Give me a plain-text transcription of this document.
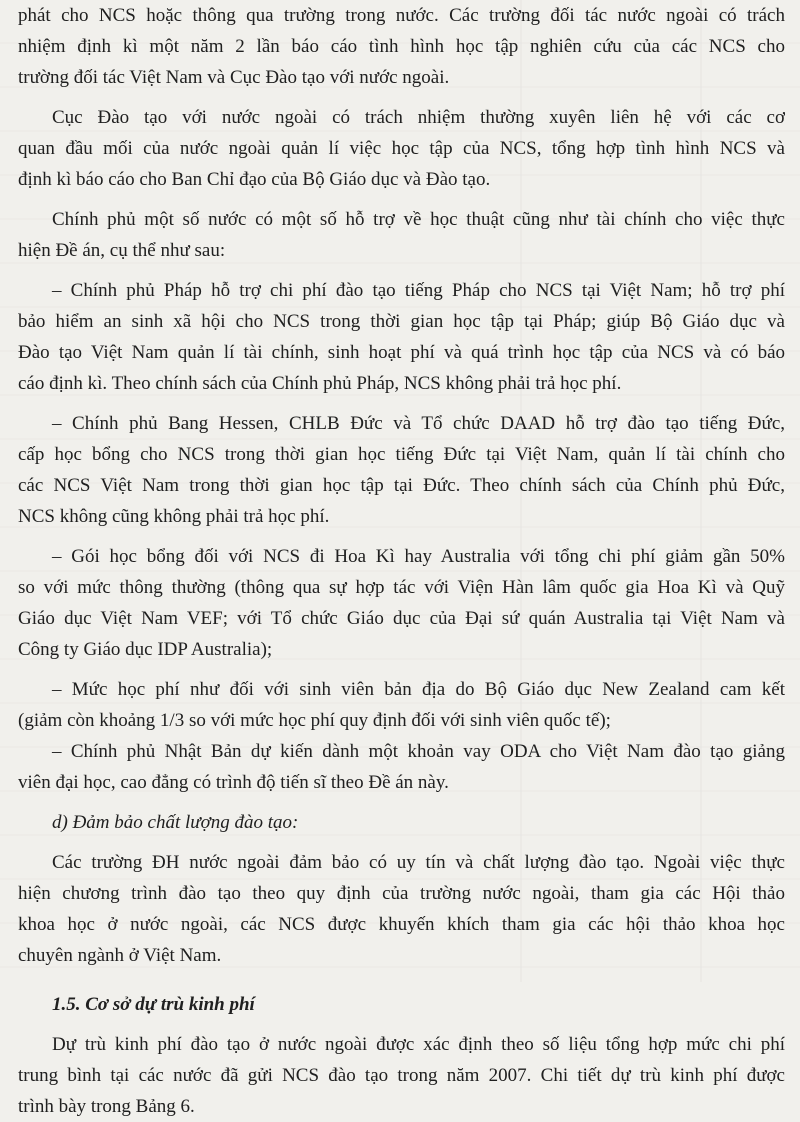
phát cho NCS hoặc thông qua trường trong nước. Các trường đối tác nước ngoài có trách
nhiệm định kì một năm 2 lần báo cáo tình hình học tập nghiên cứu của các NCS cho
trường đối tác Việt Nam và Cục Đào tạo với nước ngoài.
Cục Đào tạo với nước ngoài có trách nhiệm thường xuyên liên hệ với các cơ
quan đầu mối của nước ngoài quản lí việc học tập của NCS, tổng hợp tình hình NCS và
định kì báo cáo cho Ban Chỉ đạo của Bộ Giáo dục và Đào tạo.
Chính phủ một số nước có một số hỗ trợ về học thuật cũng như tài chính cho việc thực
hiện Đề án, cụ thể như sau:
– Chính phủ Pháp hỗ trợ chi phí đào tạo tiếng Pháp cho NCS tại Việt Nam; hỗ trợ phí
bảo hiểm an sinh xã hội cho NCS trong thời gian học tập tại Pháp; giúp Bộ Giáo dục và
Đào tạo Việt Nam quản lí tài chính, sinh hoạt phí và quá trình học tập của NCS và có báo
cáo định kì. Theo chính sách của Chính phủ Pháp, NCS không phải trả học phí.
– Chính phủ Bang Hessen, CHLB Đức và Tổ chức DAAD hỗ trợ đào tạo tiếng Đức,
cấp học bổng cho NCS trong thời gian học tiếng Đức tại Việt Nam, quản lí tài chính cho
các NCS Việt Nam trong thời gian học tập tại Đức. Theo chính sách của Chính phủ Đức,
NCS không cũng không phải trả học phí.
– Gói học bổng đối với NCS đi Hoa Kì hay Australia với tổng chi phí giảm gần 50%
so với mức thông thường (thông qua sự hợp tác với Viện Hàn lâm quốc gia Hoa Kì và Quỹ
Giáo dục Việt Nam VEF; với Tổ chức Giáo dục của Đại sứ quán Australia tại Việt Nam và
Công ty Giáo dục IDP Australia);
– Mức học phí như đối với sinh viên bản địa do Bộ Giáo dục New Zealand cam kết
(giảm còn khoảng 1/3 so với mức học phí quy định đối với sinh viên quốc tế);
– Chính phủ Nhật Bản dự kiến dành một khoản vay ODA cho Việt Nam đào tạo giảng
viên đại học, cao đẳng có trình độ tiến sĩ theo Đề án này.
d) Đảm bảo chất lượng đào tạo:
Các trường ĐH nước ngoài đảm bảo có uy tín và chất lượng đào tạo. Ngoài việc thực
hiện chương trình đào tạo theo quy định của trường nước ngoài, tham gia các Hội thảo
khoa học ở nước ngoài, các NCS được khuyến khích tham gia các hội thảo khoa học
chuyên ngành ở Việt Nam.
1.5. Cơ sở dự trù kinh phí
Dự trù kinh phí đào tạo ở nước ngoài được xác định theo số liệu tổng hợp mức chi phí
trung bình tại các nước đã gửi NCS đào tạo trong năm 2007. Chi tiết dự trù kinh phí được
trình bày trong Bảng 6.
